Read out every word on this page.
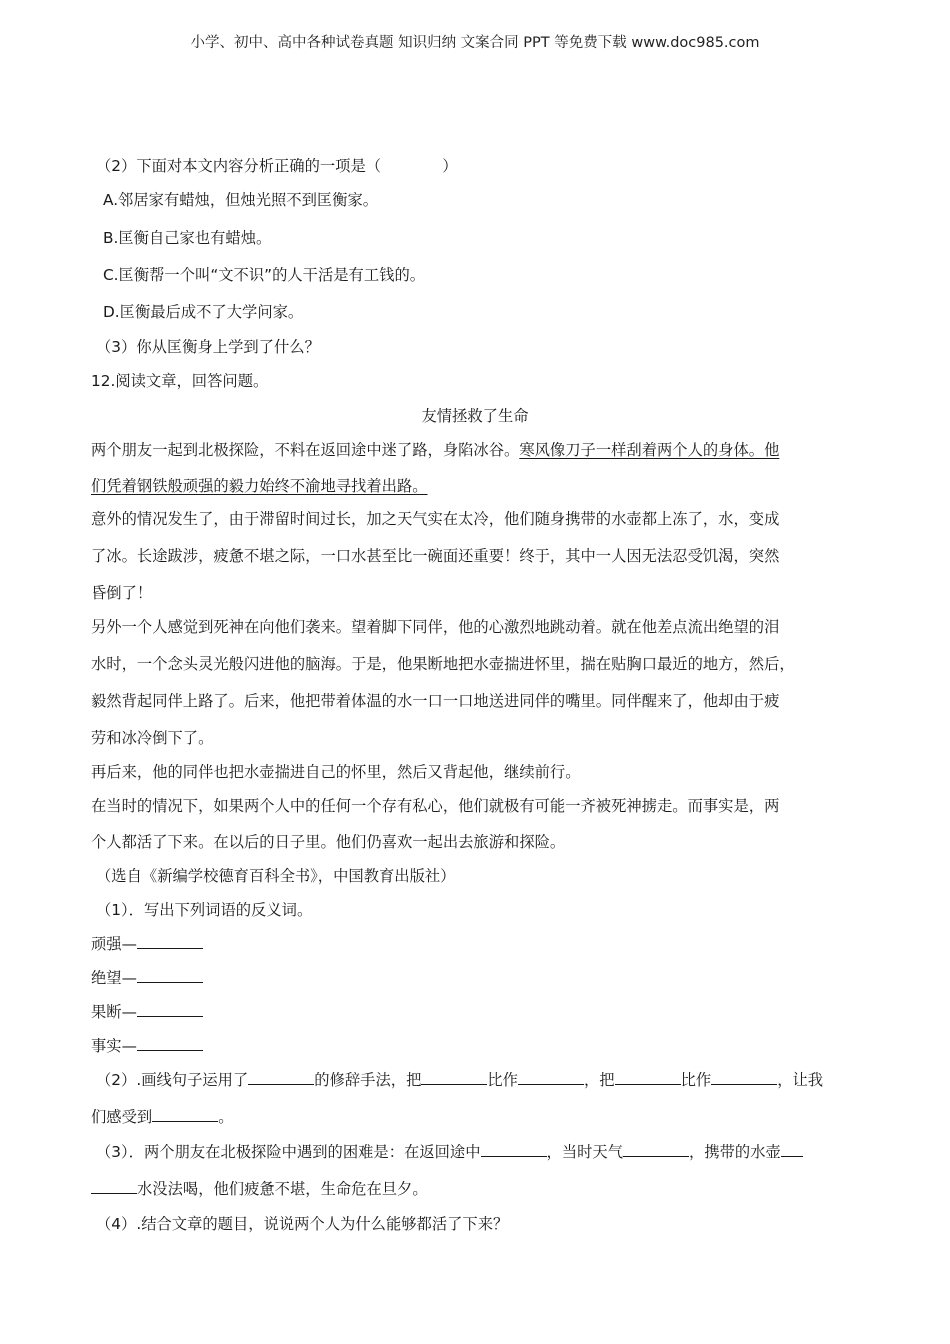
小学、初中、高中各种试卷真题 知识归纳 文案合同 PPT 等免费下载 www.doc985.com
（2）下面对本文内容分析正确的一项是（　　　　）
A.邻居家有蜡烛，但烛光照不到匡衡家。
B.匡衡自己家也有蜡烛。
C.匡衡帮一个叫“文不识”的人干活是有工钱的。
D.匡衡最后成不了大学问家。
（3）你从匡衡身上学到了什么？
12.阅读文章，回答问题。
友情拯救了生命
两个朋友一起到北极探险，不料在返回途中迷了路，身陷冰谷。寒风像刀子一样刮着两个人的身体。他
们凭着钢铁般顽强的毅力始终不渝地寻找着出路。
意外的情况发生了，由于滞留时间过长，加之天气实在太冷，他们随身携带的水壶都上冻了，水，变成
了冰。长途跋涉，疲惫不堪之际，一口水甚至比一碗面还重要！终于，其中一人因无法忍受饥渴，突然
昏倒了！
另外一个人感觉到死神在向他们袭来。望着脚下同伴，他的心激烈地跳动着。就在他差点流出绝望的泪
水时，一个念头灵光般闪进他的脑海。于是，他果断地把水壶揣进怀里，揣在贴胸口最近的地方，然后，
毅然背起同伴上路了。后来，他把带着体温的水一口一口地送进同伴的嘴里。同伴醒来了，他却由于疲
劳和冰冷倒下了。
再后来，他的同伴也把水壶揣进自己的怀里，然后又背起他，继续前行。
在当时的情况下，如果两个人中的任何一个存有私心，他们就极有可能一齐被死神掳走。而事实是，两
个人都活了下来。在以后的日子里。他们仍喜欢一起出去旅游和探险。
（选自《新编学校德育百科全书》，中国教育出版社）
（1）．写出下列词语的反义词。
顽强—
绝望—
果断—
事实—
（2）.画线句子运用了	的修辞手法，把	比作	，把	比作	，让我
们感受到	。
（3）．两个朋友在北极探险中遇到的困难是：在返回途中	，当时天气	，携带的水壶
水没法喝，他们疲惫不堪，生命危在旦夕。
（4）.结合文章的题目，说说两个人为什么能够都活了下来？
